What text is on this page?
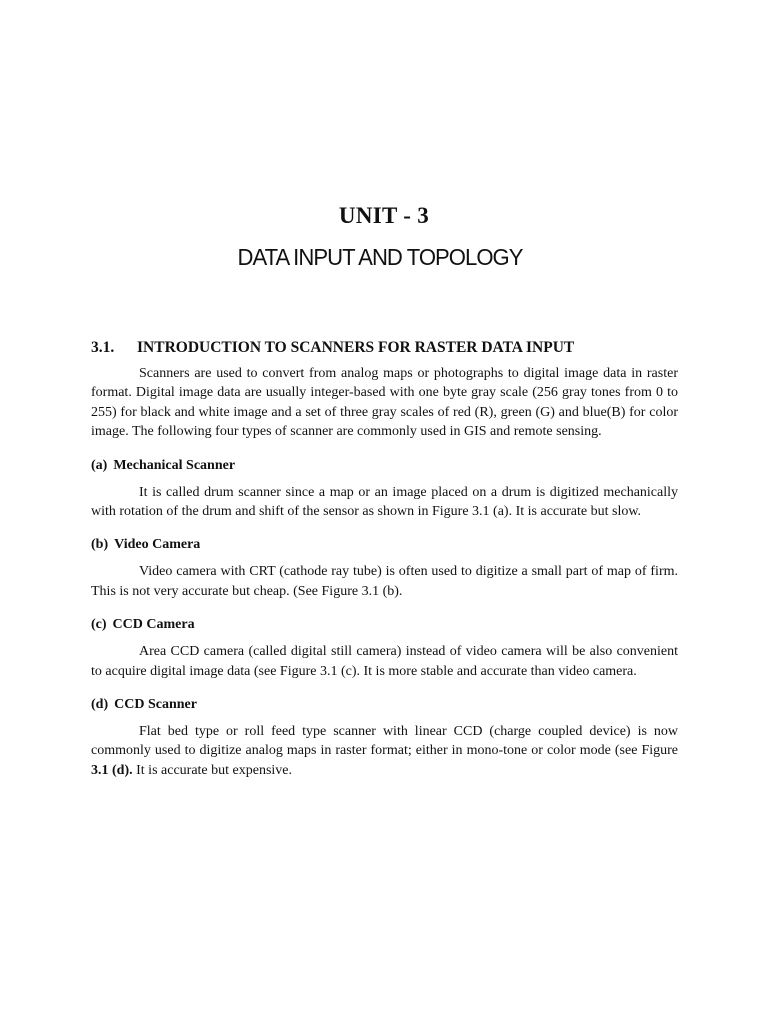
UNIT - 3
DATA INPUT AND TOPOLOGY
3.1.	INTRODUCTION TO SCANNERS FOR RASTER DATA INPUT

Scanners are used to convert from analog maps or photographs to digital image data in raster format. Digital image data are usually integer-based with one byte gray scale (256 gray tones from 0 to 255) for black and white image and a set of three gray scales of red (R), green (G) and blue(B) for color image. The following four types of scanner are commonly used in GIS and remote sensing.

(a) Mechanical Scanner

It is called drum scanner since a map or an image placed on a drum is digitized mechanically with rotation of the drum and shift of the sensor as shown in Figure 3.1 (a). It is accurate but slow.

(b) Video Camera

Video camera with CRT (cathode ray tube) is often used to digitize a small part of map of firm. This is not very accurate but cheap. (See Figure 3.1 (b).

(c) CCD Camera

Area CCD camera (called digital still camera) instead of video camera will be also convenient to acquire digital image data (see Figure 3.1 (c). It is more stable and accurate than video camera.

(d) CCD Scanner

Flat bed type or roll feed type scanner with linear CCD (charge coupled device) is now commonly used to digitize analog maps in raster format; either in mono-tone or color mode (see Figure 3.1 (d). It is accurate but expensive.
